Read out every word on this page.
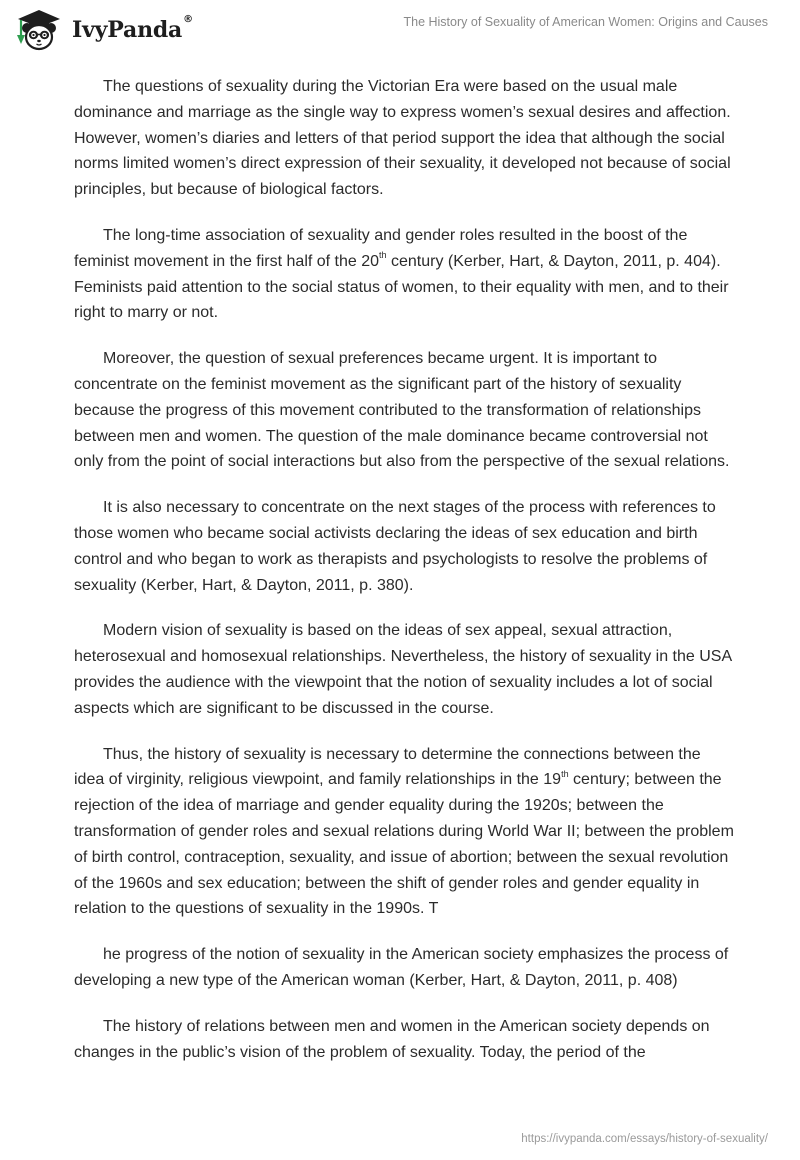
IvyPanda®	The History of Sexuality of American Women: Origins and Causes

The questions of sexuality during the Victorian Era were based on the usual male dominance and marriage as the single way to express women’s sexual desires and affection. However, women’s diaries and letters of that period support the idea that although the social norms limited women’s direct expression of their sexuality, it developed not because of social principles, but because of biological factors.

The long-time association of sexuality and gender roles resulted in the boost of the feminist movement in the first half of the 20th century (Kerber, Hart, & Dayton, 2011, p. 404). Feminists paid attention to the social status of women, to their equality with men, and to their right to marry or not.

Moreover, the question of sexual preferences became urgent. It is important to concentrate on the feminist movement as the significant part of the history of sexuality because the progress of this movement contributed to the transformation of relationships between men and women. The question of the male dominance became controversial not only from the point of social interactions but also from the perspective of the sexual relations.

It is also necessary to concentrate on the next stages of the process with references to those women who became social activists declaring the ideas of sex education and birth control and who began to work as therapists and psychologists to resolve the problems of sexuality (Kerber, Hart, & Dayton, 2011, p. 380).

Modern vision of sexuality is based on the ideas of sex appeal, sexual attraction, heterosexual and homosexual relationships. Nevertheless, the history of sexuality in the USA provides the audience with the viewpoint that the notion of sexuality includes a lot of social aspects which are significant to be discussed in the course.

Thus, the history of sexuality is necessary to determine the connections between the idea of virginity, religious viewpoint, and family relationships in the 19th century; between the rejection of the idea of marriage and gender equality during the 1920s; between the transformation of gender roles and sexual relations during World War II; between the problem of birth control, contraception, sexuality, and issue of abortion; between the sexual revolution of the 1960s and sex education; between the shift of gender roles and gender equality in relation to the questions of sexuality in the 1990s. T

he progress of the notion of sexuality in the American society emphasizes the process of developing a new type of the American woman (Kerber, Hart, & Dayton, 2011, p. 408)

The history of relations between men and women in the American society depends on changes in the public’s vision of the problem of sexuality. Today, the period of the

https://ivypanda.com/essays/history-of-sexuality/
